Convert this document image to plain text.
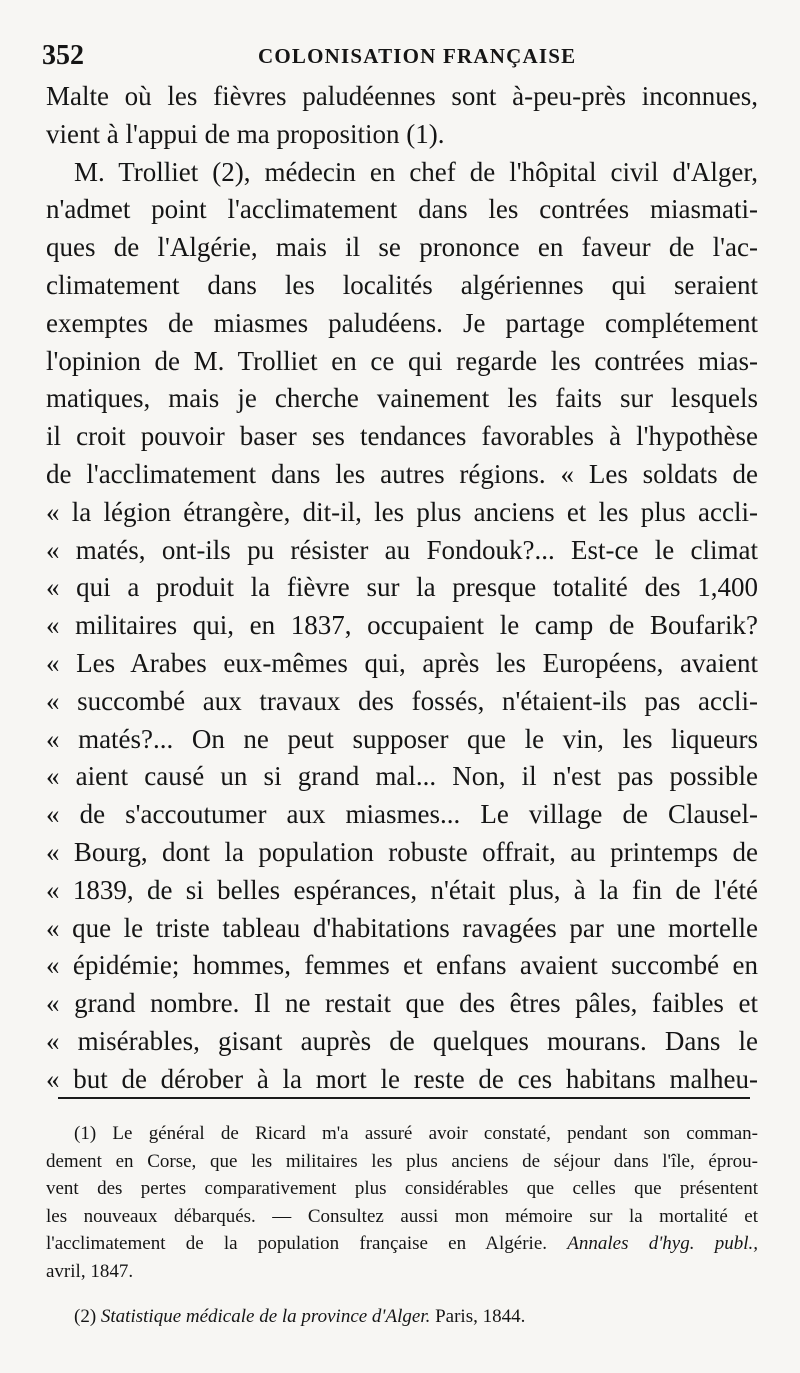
352	COLONISATION FRANÇAISE
Malte où les fièvres paludéennes sont à-peu-près inconnues,
vient à l'appui de ma proposition (1).
M. Trolliet (2), médecin en chef de l'hôpital civil d'Alger,
n'admet point l'acclimatement dans les contrées miasmati-
ques de l'Algérie, mais il se prononce en faveur de l'ac-
climatement dans les localités algériennes qui seraient
exemptes de miasmes paludéens. Je partage complétement
l'opinion de M. Trolliet en ce qui regarde les contrées mias-
matiques, mais je cherche vainement les faits sur lesquels
il croit pouvoir baser ses tendances favorables à l'hypothèse
de l'acclimatement dans les autres régions. « Les soldats de
« la légion étrangère, dit-il, les plus anciens et les plus accli-
« matés, ont-ils pu résister au Fondouk?... Est-ce le climat
« qui a produit la fièvre sur la presque totalité des 1,400
« militaires qui, en 1837, occupaient le camp de Boufarik?
« Les Arabes eux-mêmes qui, après les Européens, avaient
« succombé aux travaux des fossés, n'étaient-ils pas accli-
« matés?... On ne peut supposer que le vin, les liqueurs
« aient causé un si grand mal... Non, il n'est pas possible
« de s'accoutumer aux miasmes... Le village de Clausel-
« Bourg, dont la population robuste offrait, au printemps de
« 1839, de si belles espérances, n'était plus, à la fin de l'été
« que le triste tableau d'habitations ravagées par une mortelle
« épidémie; hommes, femmes et enfans avaient succombé en
« grand nombre. Il ne restait que des êtres pâles, faibles et
« misérables, gisant auprès de quelques mourans. Dans le
« but de dérober à la mort le reste de ces habitans malheu-
(1) Le général de Ricard m'a assuré avoir constaté, pendant son comman-
dement en Corse, que les militaires les plus anciens de séjour dans l'île, éprou-
vent des pertes comparativement plus considérables que celles que présentent
les nouveaux débarqués. — Consultez aussi mon mémoire sur la mortalité et
l'acclimatement de la population française en Algérie. Annales d'hyg. publ.,
avril, 1847.
(2) Statistique médicale de la province d'Alger. Paris, 1844.
